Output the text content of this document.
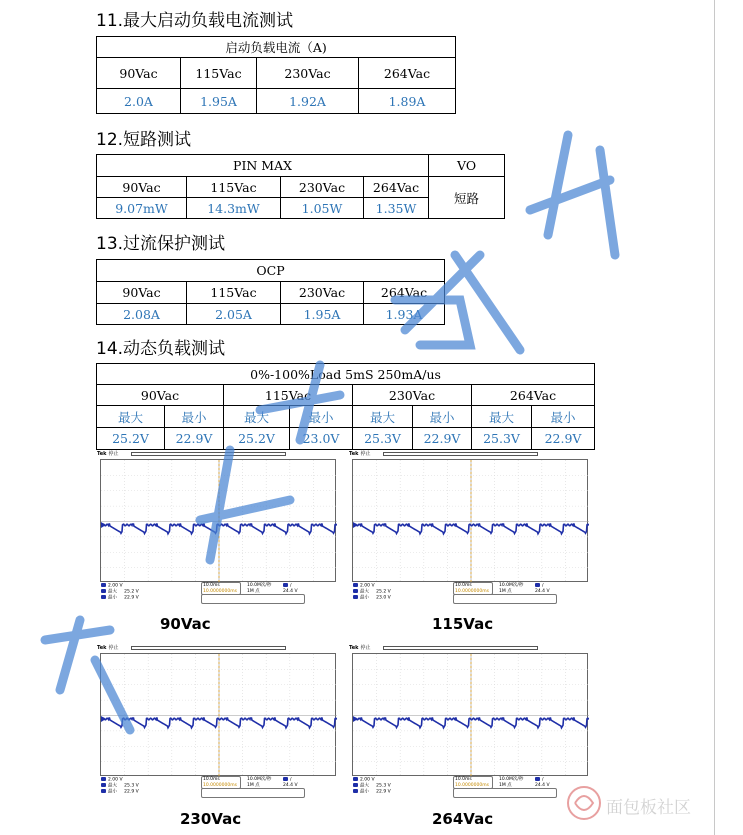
11.最大启动负载电流测试
启动负载电流（A)			
90Vac	115Vac	230Vac	264Vac
2.0A	1.95A	1.92A	1.89A
12.短路测试
PIN MAX				VO
90Vac	115Vac	230Vac	264Vac	短路
9.07mW	14.3mW	1.05W	1.35W	
13.过流保护测试
OCP			
90Vac	115Vac	230Vac	264Vac
2.08A	2.05A	1.95A	1.93A
14.动态负载测试
0%-100%Load 5mS 250mA/us							
90Vac		115Vac		230Vac		264Vac	
最大	最小	最大	最小	最大	最小	最大	最小
25.2V	22.9V	25.2V	23.0V	25.3V	22.9V	25.3V	22.9V
Tek 停止
2.00 V
最大 25.2 V
最小 22.9 V
10.0ms
10.0000000ms
10.0M次/秒
1M 点
/
24.4 V
Tek 停止
2.00 V
最大 25.2 V
最小 23.0 V
10.0ms
10.0000000ms
10.0M次/秒
1M 点
/
24.4 V
Tek 停止
2.00 V
最大 25.3 V
最小 22.9 V
10.0ms
10.0000000ms
10.0M次/秒
1M 点
/
24.4 V
Tek 停止
2.00 V
最大 25.3 V
最小 22.9 V
10.0ms
10.0000000ms
10.0M次/秒
1M 点
/
24.4 V
90Vac	115Vac
230Vac	264Vac
面包板社区
